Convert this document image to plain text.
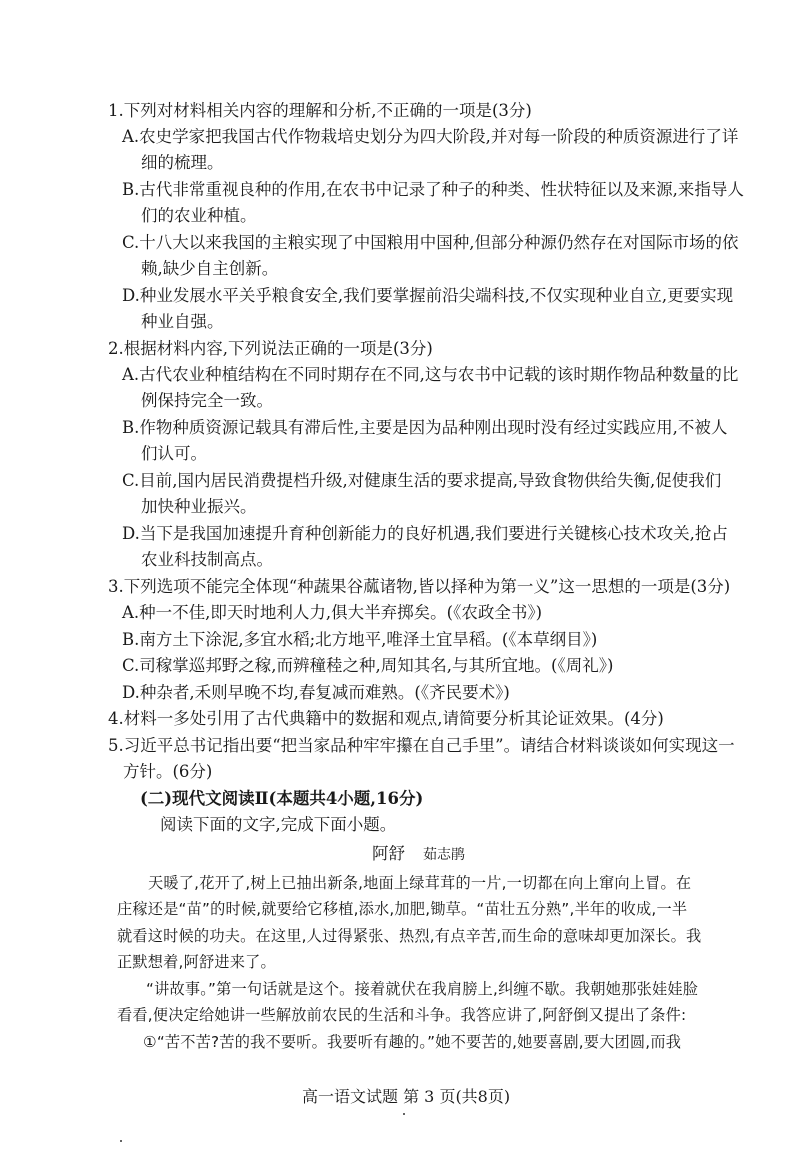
1.下列对材料相关内容的理解和分析,不正确的一项是(3分)
A.农史学家把我国古代作物栽培史划分为四大阶段,并对每一阶段的种质资源进行了详
细的梳理。
B.古代非常重视良种的作用,在农书中记录了种子的种类、性状特征以及来源,来指导人
们的农业种植。
C.十八大以来我国的主粮实现了中国粮用中国种,但部分种源仍然存在对国际市场的依
赖,缺少自主创新。
D.种业发展水平关乎粮食安全,我们要掌握前沿尖端科技,不仅实现种业自立,更要实现
种业自强。
2.根据材料内容,下列说法正确的一项是(3分)
A.古代农业种植结构在不同时期存在不同,这与农书中记载的该时期作物品种数量的比
例保持完全一致。
B.作物种质资源记载具有滞后性,主要是因为品种刚出现时没有经过实践应用,不被人
们认可。
C.目前,国内居民消费提档升级,对健康生活的要求提高,导致食物供给失衡,促使我们
加快种业振兴。
D.当下是我国加速提升育种创新能力的良好机遇,我们要进行关键核心技术攻关,抢占
农业科技制高点。
3.下列选项不能完全体现“种蔬果谷蓏诸物,皆以择种为第一义”这一思想的一项是(3分)
A.种一不佳,即天时地利人力,俱大半弃掷矣。(《农政全书》)
B.南方土下涂泥,多宜水稻;北方地平,唯泽土宜旱稻。(《本草纲目》)
C.司稼掌巡邦野之稼,而辨穜稑之种,周知其名,与其所宜地。(《周礼》)
D.种杂者,禾则早晚不均,春复减而难熟。(《齐民要术》)
4.材料一多处引用了古代典籍中的数据和观点,请简要分析其论证效果。(4分)
5.习近平总书记指出要“把当家品种牢牢攥在自己手里”。请结合材料谈谈如何实现这一
方针。(6分)
(二)现代文阅读Ⅱ(本题共4小题,16分)
阅读下面的文字,完成下面小题。
阿舒 茹志鹃
天暖了,花开了,树上已抽出新条,地面上绿茸茸的一片,一切都在向上窜向上冒。在
庄稼还是“苗”的时候,就要给它移植,添水,加肥,锄草。“苗壮五分熟”,半年的收成,一半
就看这时候的功夫。在这里,人过得紧张、热烈,有点辛苦,而生命的意味却更加深长。我
正默想着,阿舒进来了。
“讲故事。”第一句话就是这个。接着就伏在我肩膀上,纠缠不歇。我朝她那张娃娃脸
看看,便决定给她讲一些解放前农民的生活和斗争。我答应讲了,阿舒倒又提出了条件:
①“苦不苦?苦的我不要听。我要听有趣的。”她不要苦的,她要喜剧,要大团圆,而我
高一语文试题 第 3 页(共8页)
